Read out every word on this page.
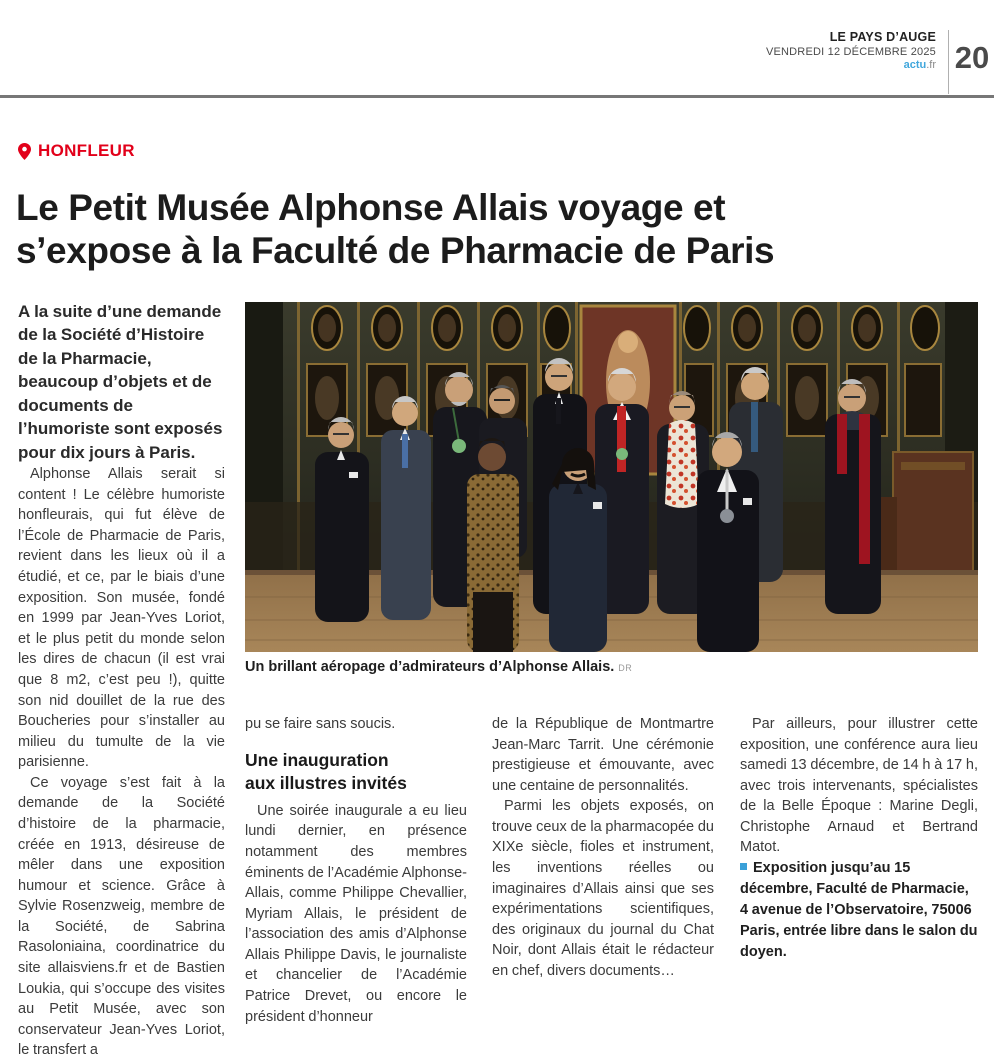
LE PAYS D’AUGE
VENDREDI 12 DÉCEMBRE 2025
actu.fr 20
HONFLEUR
Le Petit Musée Alphonse Allais voyage et
s’expose à la Faculté de Pharmacie de Paris

A la suite d’une demande de la Société d’Histoire de la Pharmacie, beaucoup d’objets et de documents de l’humoriste sont exposés pour dix jours à Paris.

Alphonse Allais serait si content ! Le célèbre humoriste honfleurais, qui fut élève de l’École de Pharmacie de Paris, revient dans les lieux où il a étudié, et ce, par le biais d’une exposition. Son musée, fondé en 1999 par Jean-Yves Loriot, et le plus petit du monde selon les dires de chacun (il est vrai que 8 m2, c’est peu !), quitte son nid douillet de la rue des Boucheries pour s’installer au milieu du tumulte de la vie parisienne.

Ce voyage s’est fait à la demande de la Société d’histoire de la pharmacie, créée en 1913, désireuse de mêler dans une exposition humour et science. Grâce à Sylvie Rosenzweig, membre de la Société, de Sabrina Rasoloniaina, coordinatrice du site allaisviens.fr et de Bastien Loukia, qui s’occupe des visites au Petit Musée, avec son conservateur Jean-Yves Loriot, le transfert a

Un brillant aéropage d’admirateurs d’Alphonse Allais. DR

pu se faire sans soucis.

Une inauguration
aux illustres invités

Une soirée inaugurale a eu lieu lundi dernier, en présence notamment des membres éminents de l’Académie Alphonse-Allais, comme Philippe Chevallier, Myriam Allais, le président de l’association des amis d’Alphonse Allais Philippe Davis, le journaliste et chancelier de l’Académie Patrice Drevet, ou encore le président d’honneur

de la République de Montmartre Jean-Marc Tarrit. Une cérémonie prestigieuse et émouvante, avec une centaine de personnalités.

Parmi les objets exposés, on trouve ceux de la pharmacopée du XIXe siècle, fioles et instrument, les inventions réelles ou imaginaires d’Allais ainsi que ses expérimentations scientifiques, des originaux du journal du Chat Noir, dont Allais était le rédacteur en chef, divers documents…

Par ailleurs, pour illustrer cette exposition, une conférence aura lieu samedi 13 décembre, de 14 h à 17 h, avec trois intervenants, spécialistes de la Belle Époque : Marine Degli, Christophe Arnaud et Bertrand Matot.

Exposition jusqu’au 15 décembre, Faculté de Pharmacie, 4 avenue de l’Observatoire, 75006 Paris, entrée libre dans le salon du doyen.
